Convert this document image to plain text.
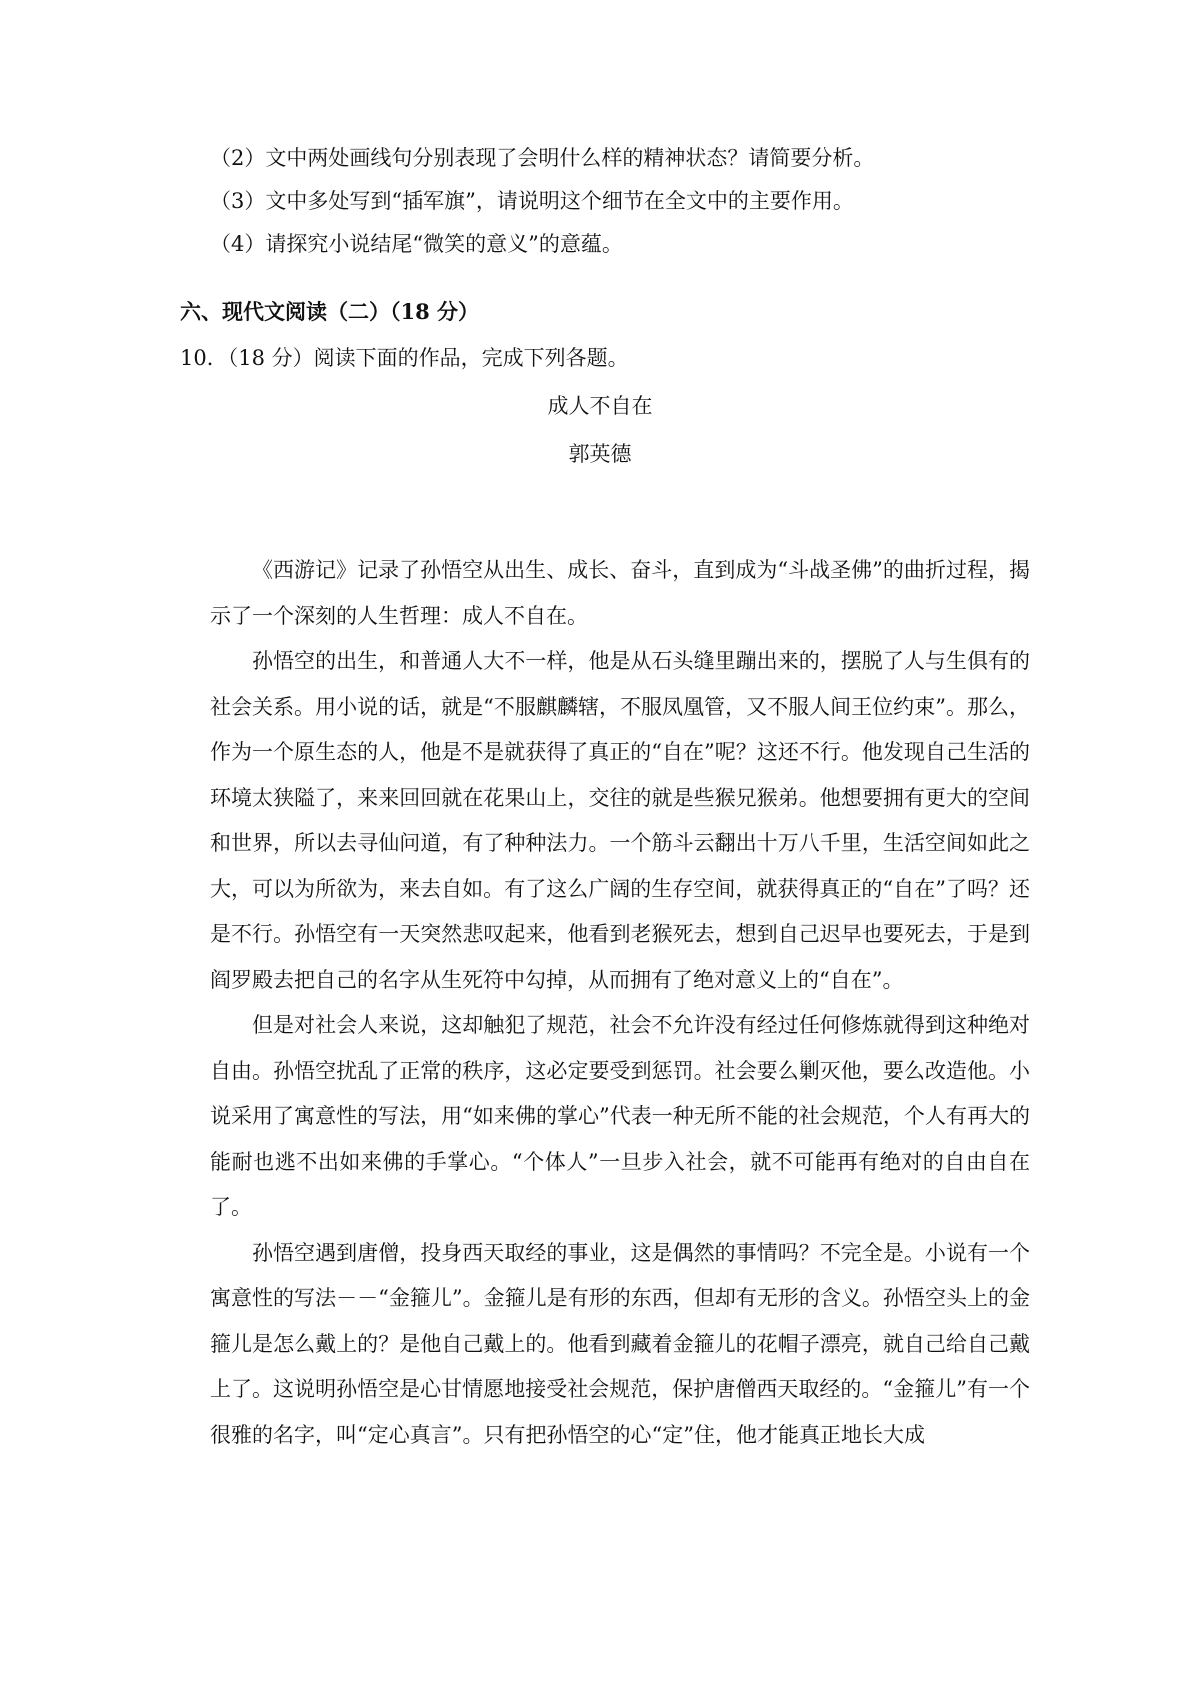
（2）文中两处画线句分别表现了会明什么样的精神状态？请简要分析。
（3）文中多处写到“插军旗”，请说明这个细节在全文中的主要作用。
（4）请探究小说结尾“微笑的意义”的意蕴。
六、现代文阅读（二）（18 分）
10．（18 分）阅读下面的作品，完成下列各题。
成人不自在
郭英德

《西游记》记录了孙悟空从出生、成长、奋斗，直到成为“斗战圣佛”的曲折过程，揭示了一个深刻的人生哲理：成人不自在。

孙悟空的出生，和普通人大不一样，他是从石头缝里蹦出来的，摆脱了人与生俱有的社会关系。用小说的话，就是“不服麒麟辖，不服凤凰管，又不服人间王位约束”。那么，作为一个原生态的人，他是不是就获得了真正的“自在”呢？这还不行。他发现自己生活的环境太狭隘了，来来回回就在花果山上，交往的就是些猴兄猴弟。他想要拥有更大的空间和世界，所以去寻仙问道，有了种种法力。一个筋斗云翻出十万八千里，生活空间如此之大，可以为所欲为，来去自如。有了这么广阔的生存空间，就获得真正的“自在”了吗？还是不行。孙悟空有一天突然悲叹起来，他看到老猴死去，想到自己迟早也要死去，于是到阎罗殿去把自己的名字从生死符中勾掉，从而拥有了绝对意义上的“自在”。

但是对社会人来说，这却触犯了规范，社会不允许没有经过任何修炼就得到这种绝对自由。孙悟空扰乱了正常的秩序，这必定要受到惩罚。社会要么剿灭他，要么改造他。小说采用了寓意性的写法，用“如来佛的掌心”代表一种无所不能的社会规范，个人有再大的能耐也逃不出如来佛的手掌心。“个体人”一旦步入社会，就不可能再有绝对的自由自在了。

孙悟空遇到唐僧，投身西天取经的事业，这是偶然的事情吗？不完全是。小说有一个寓意性的写法－－“金箍儿”。金箍儿是有形的东西，但却有无形的含义。孙悟空头上的金箍儿是怎么戴上的？是他自己戴上的。他看到藏着金箍儿的花帽子漂亮，就自己给自己戴上了。这说明孙悟空是心甘情愿地接受社会规范，保护唐僧西天取经的。“金箍儿”有一个很雅的名字，叫“定心真言”。只有把孙悟空的心“定”住，他才能真正地长大成
